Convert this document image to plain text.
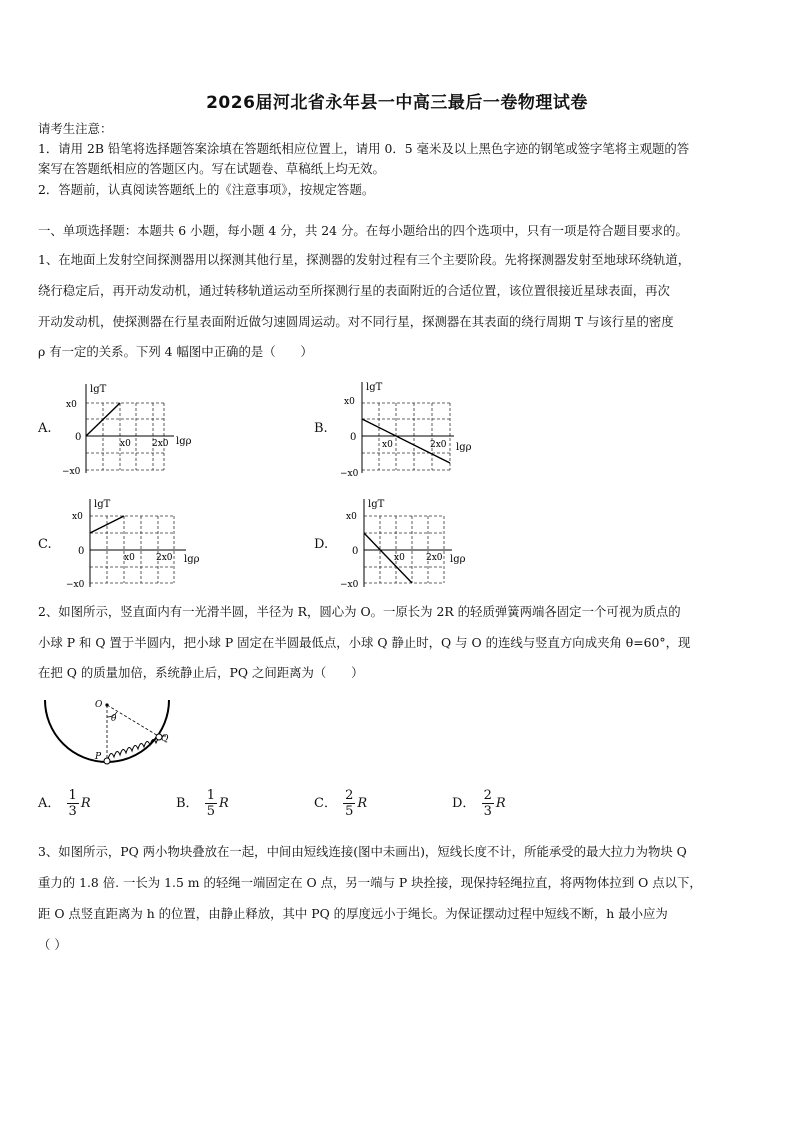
2026届河北省永年县一中高三最后一卷物理试卷
请考生注意：
1．请用 2B 铅笔将选择题答案涂填在答题纸相应位置上，请用 0．5 毫米及以上黑色字迹的钢笔或签字笔将主观题的答
案写在答题纸相应的答题区内。写在试题卷、草稿纸上均无效。
2．答题前，认真阅读答题纸上的《注意事项》，按规定答题。
一、单项选择题：本题共 6 小题，每小题 4 分，共 24 分。在每小题给出的四个选项中，只有一项是符合题目要求的。
1、在地面上发射空间探测器用以探测其他行星，探测器的发射过程有三个主要阶段。先将探测器发射至地球环绕轨道，
绕行稳定后，再开动发动机，通过转移轨道运动至所探测行星的表面附近的合适位置，该位置很接近星球表面，再次
开动发动机，使探测器在行星表面附近做匀速圆周运动。对不同行星，探测器在其表面的绕行周期 T 与该行星的密度
ρ 有一定的关系。下列 4 幅图中正确的是（　　）
A.	B.
C.	D.
lgT
lgρ
x0
0
−x0
x0 2x0
lgT
lgρ
x0
0
−x0
x0	2x0
lgT
lgρ
x0
0
−x0
x0 2x0
lgT
lgρ
x0
0
−x0
x0 2x0
2、如图所示，竖直面内有一光滑半圆，半径为 R，圆心为 O。一原长为 2R 的轻质弹簧两端各固定一个可视为质点的
小球 P 和 Q 置于半圆内，把小球 P 固定在半圆最低点，小球 Q 静止时，Q 与 O 的连线与竖直方向成夹角 θ=60°，现
在把 Q 的质量加倍，系统静止后，PQ 之间距离为（　　）
O
θ
P
Q
A． $\frac{1}{3}$ R	B． $\frac{1}{5}$ R	C． $\frac{2}{5}$ R	D． $\frac{2}{3}$ R
3、如图所示，PQ 两小物块叠放在一起，中间由短线连接(图中未画出)，短线长度不计，所能承受的最大拉力为物块 Q
重力的 1.8 倍. 一长为 1.5 m 的轻绳一端固定在 O 点，另一端与 P 块拴接，现保持轻绳拉直，将两物体拉到 O 点以下，
距 O 点竖直距离为 h 的位置，由静止释放，其中 PQ 的厚度远小于绳长。为保证摆动过程中短线不断，h 最小应为
（ ）
